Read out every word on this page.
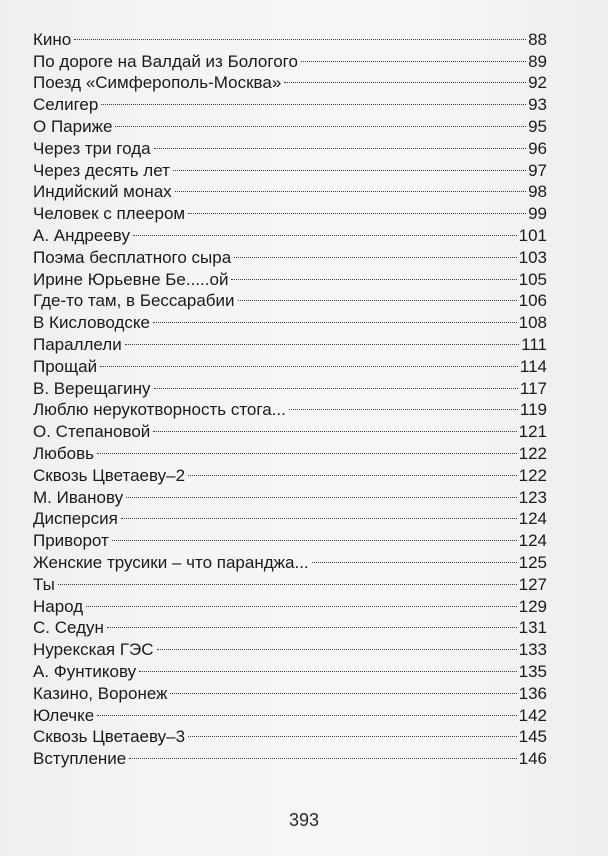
Кино	88
По дороге на Валдай из Бологого	89
Поезд «Симферополь-Москва»	92
Селигер	93
О Париже	95
Через три года	96
Через десять лет	97
Индийский монах	98
Человек с плеером	99
А. Андрееву	101
Поэма бесплатного сыра	103
Ирине Юрьевне Бе.....ой	105
Где-то там, в Бессарабии	106
В Кисловодске	108
Параллели	111
Прощай	114
В. Верещагину	117
Люблю нерукотворность стога...	119
О. Степановой	121
Любовь	122
Сквозь Цветаеву–2	122
М. Иванову	123
Дисперсия	124
Приворот	124
Женские трусики – что паранджа...	125
Ты	127
Народ	129
С. Седун	131
Нурекская ГЭС	133
А. Фунтикову	135
Казино, Воронеж	136
Юлечке	142
Сквозь Цветаеву–3	145
Вступление	146
393
